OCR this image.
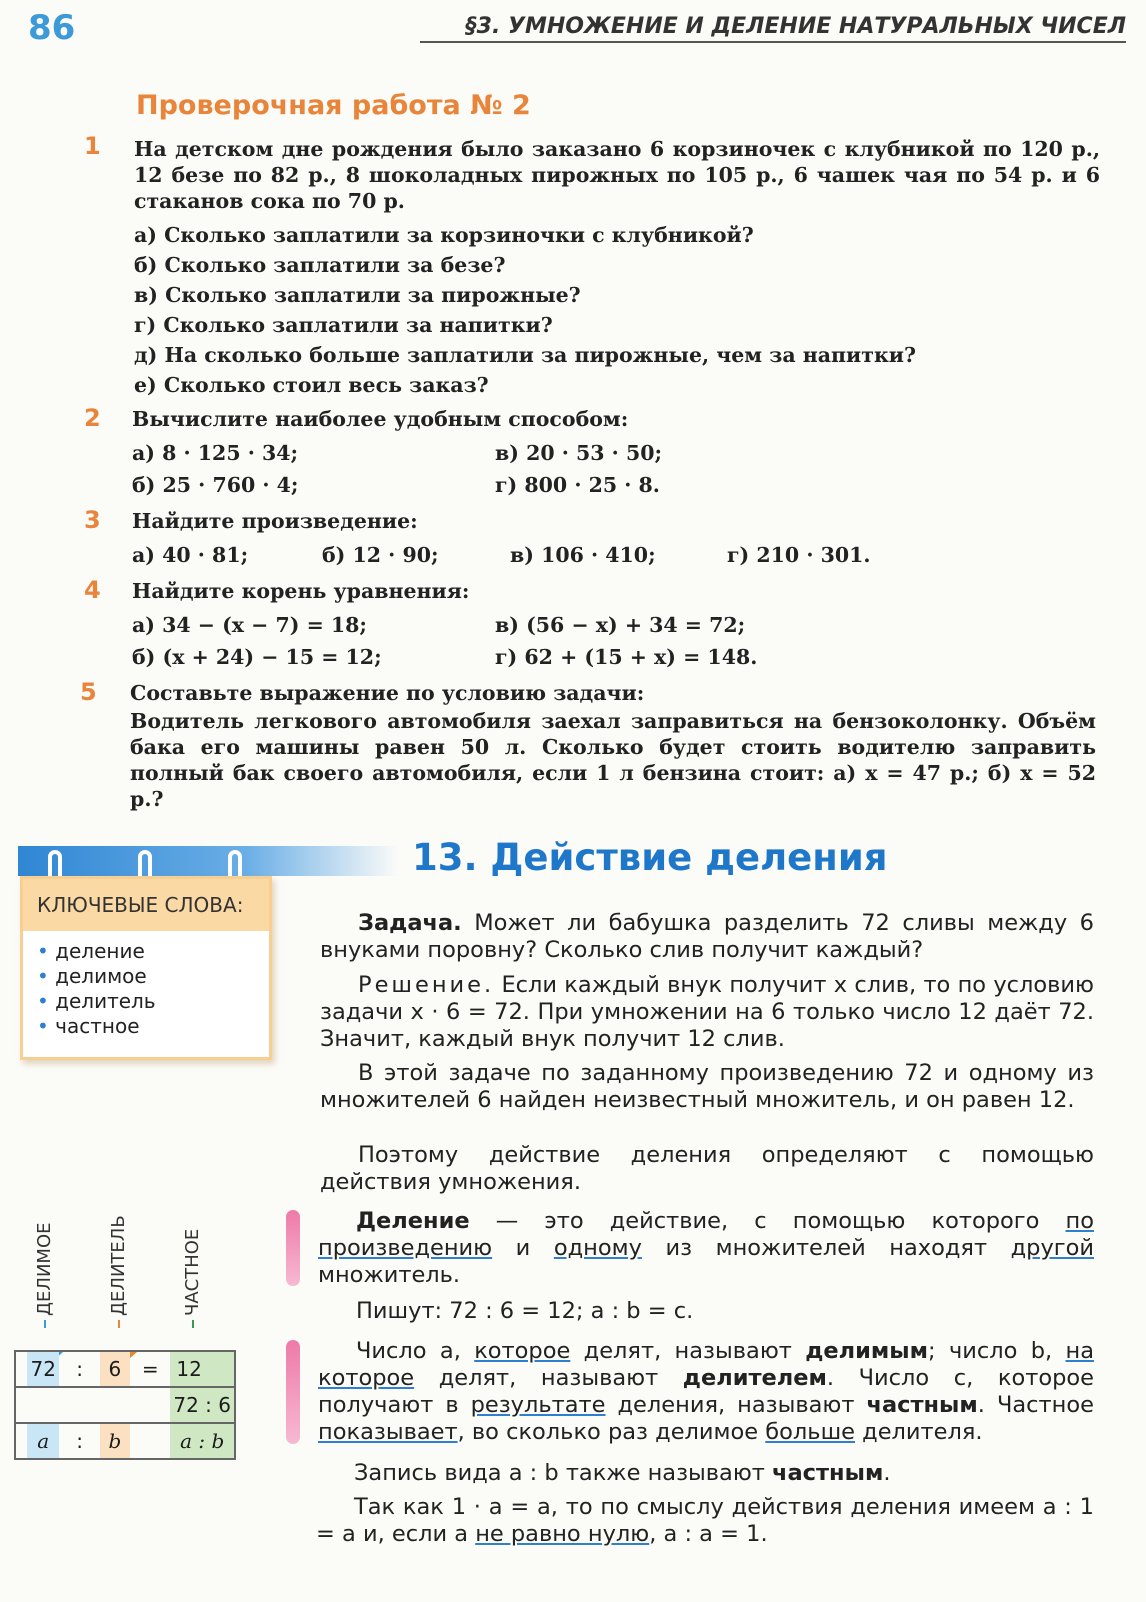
86	§3. УМНОЖЕНИЕ И ДЕЛЕНИЕ НАТУРАЛЬНЫХ ЧИСЕЛ
Проверочная работа № 2
1 На детском дне рождения было заказано 6 корзиночек с клубникой по 120 р., 12 безе по 82 р., 8 шоколадных пирожных по 105 р., 6 чашек чая по 54 р. и 6 стаканов сока по 70 р.
а) Сколько заплатили за корзиночки с клубникой?
б) Сколько заплатили за безе?
в) Сколько заплатили за пирожные?
г) Сколько заплатили за напитки?
д) На сколько больше заплатили за пирожные, чем за напитки?
е) Сколько стоил весь заказ?
2 Вычислите наиболее удобным способом:
а) 8 · 125 · 34;
б) 25 · 760 · 4;
в) 20 · 53 · 50;
г) 800 · 25 · 8.
3 Найдите произведение:
а) 40 · 81;	б) 12 · 90;	в) 106 · 410;	г) 210 · 301.
4 Найдите корень уравнения:
а) 34 − (x − 7) = 18;
б) (x + 24) − 15 = 12;
в) (56 − x) + 34 = 72;
г) 62 + (15 + x) = 148.
5 Составьте выражение по условию задачи:
Водитель легкового автомобиля заехал заправиться на бензоколонку. Объём бака его машины равен 50 л. Сколько будет стоить водителю заправить полный бак своего автомобиля, если 1 л бензина стоит: а) x = 47 р.; б) x = 52 р.?
КЛЮЧЕВЫЕ СЛОВА:
• деление
• делимое
• делитель
• частное
13. Действие деления
Задача. Может ли бабушка разделить 72 сливы между 6 внуками поровну? Сколько слив получит каждый?
Решение. Если каждый внук получит x слив, то по условию задачи x · 6 = 72. При умножении на 6 только число 12 даёт 72. Значит, каждый внук получит 12 слив.
В этой задаче по заданному произведению 72 и одному из множителей 6 найден неизвестный множитель, и он равен 12.
Поэтому действие деления определяют с помощью действия умножения.
Деление — это действие, с помощью которого по произведению и одному из множителей находят другой множитель.
Пишут: 72 : 6 = 12; a : b = c.
Число a, которое делят, называют делимым; число b, на которое делят, называют делителем. Число c, которое получают в результате деления, называют частным. Частное показывает, во сколько раз делимое больше делителя.
Запись вида a : b также называют частным.
Так как 1 · a = a, то по смыслу действия деления имеем a : 1 = a и, если a не равно нулю, a : a = 1.
ДЕЛИМОЕ	ДЕЛИТЕЛЬ	ЧАСТНОЕ
	72	:	6	=	12
					72 : 6
	a	:	b		a : b
